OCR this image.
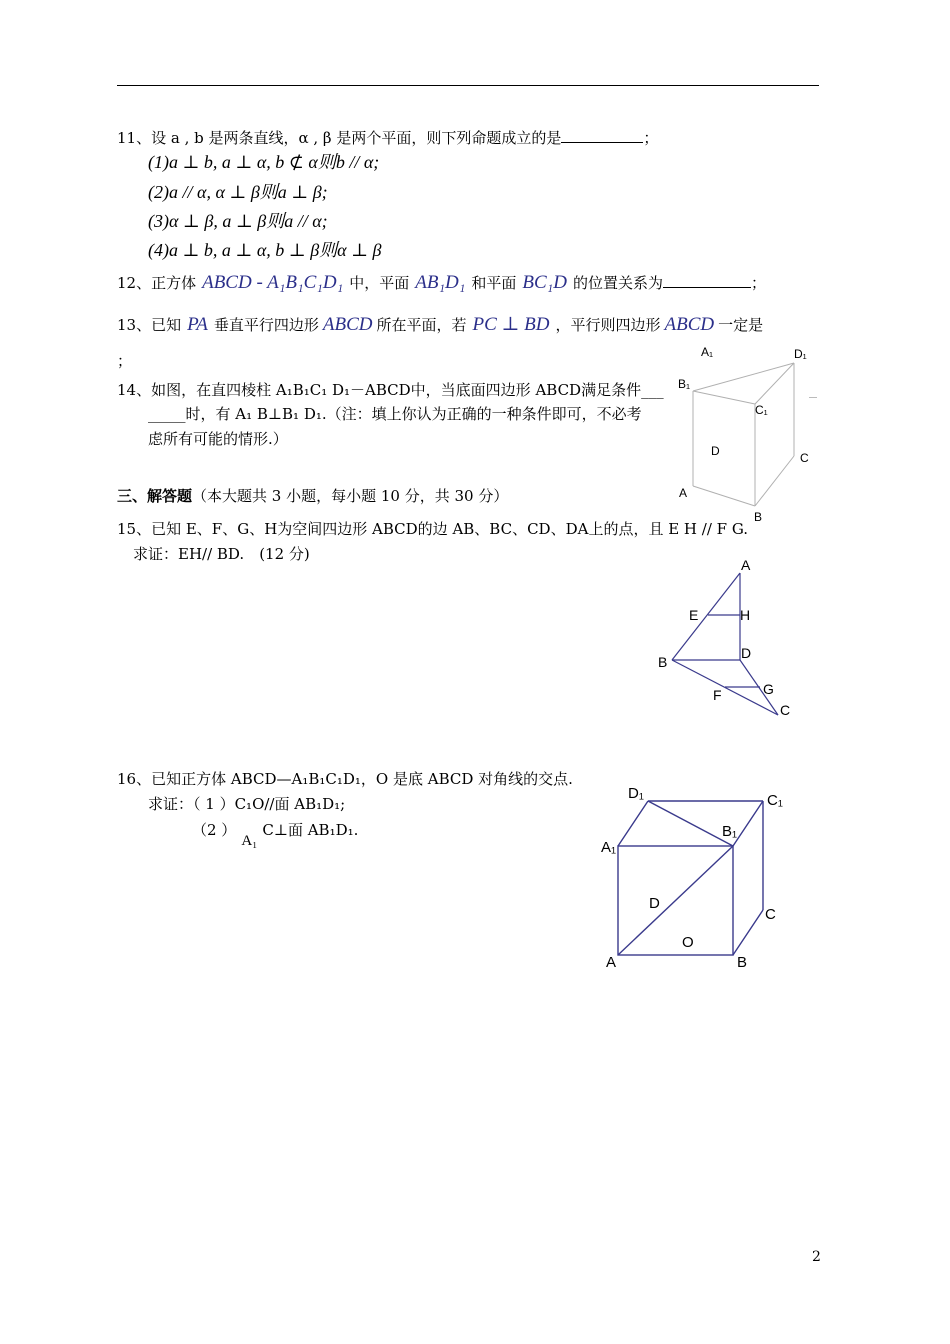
11、设 a , b 是两条直线，α , β 是两个平面，则下列命题成立的是	；
(1)a ⊥ b, a ⊥ α, b ⊄ α则b // α;
(2)a // α, α ⊥ β则a ⊥ β;
(3)α ⊥ β, a ⊥ β则a // α;
(4)a ⊥ b, a ⊥ α, b ⊥ β则α ⊥ β
12、正方体 ABCD - A₁B₁C₁D₁ 中，平面 AB₁D₁ 和平面 BC₁D 的位置关系为	；
13、已知 PA 垂直平行四边形 ABCD 所在平面，若 PC ⊥ BD ，平行则四边形 ABCD 一定是
；
14、如图，在直四棱柱 A₁B₁C₁ D₁－ABCD中，当底面四边形 ABCD满足条件___
_____时，有 A₁ B⊥B₁ D₁.（注：填上你认为正确的一种条件即可，不必考
虑所有可能的情形.）
A₁	D₁
B₁
C₁
D	C
A
B
三、解答题（本大题共 3 小题，每小题 10 分，共 30 分）
15、已知 E、F、G、H为空间四边形 ABCD的边 AB、BC、CD、DA上的点，且 E H // F G.
求证：EH// BD.　(12 分)
A
E	H
B
D
F	G
C
16、已知正方体 ABCD—A₁B₁C₁D₁，O 是底 ABCD 对角线的交点.
求证：（ 1 ）C₁O//面 AB₁D₁;
（2 ）A₁C⊥面 AB₁D₁.
D₁	C₁
B₁
A₁
D
C
O
A	B
2
